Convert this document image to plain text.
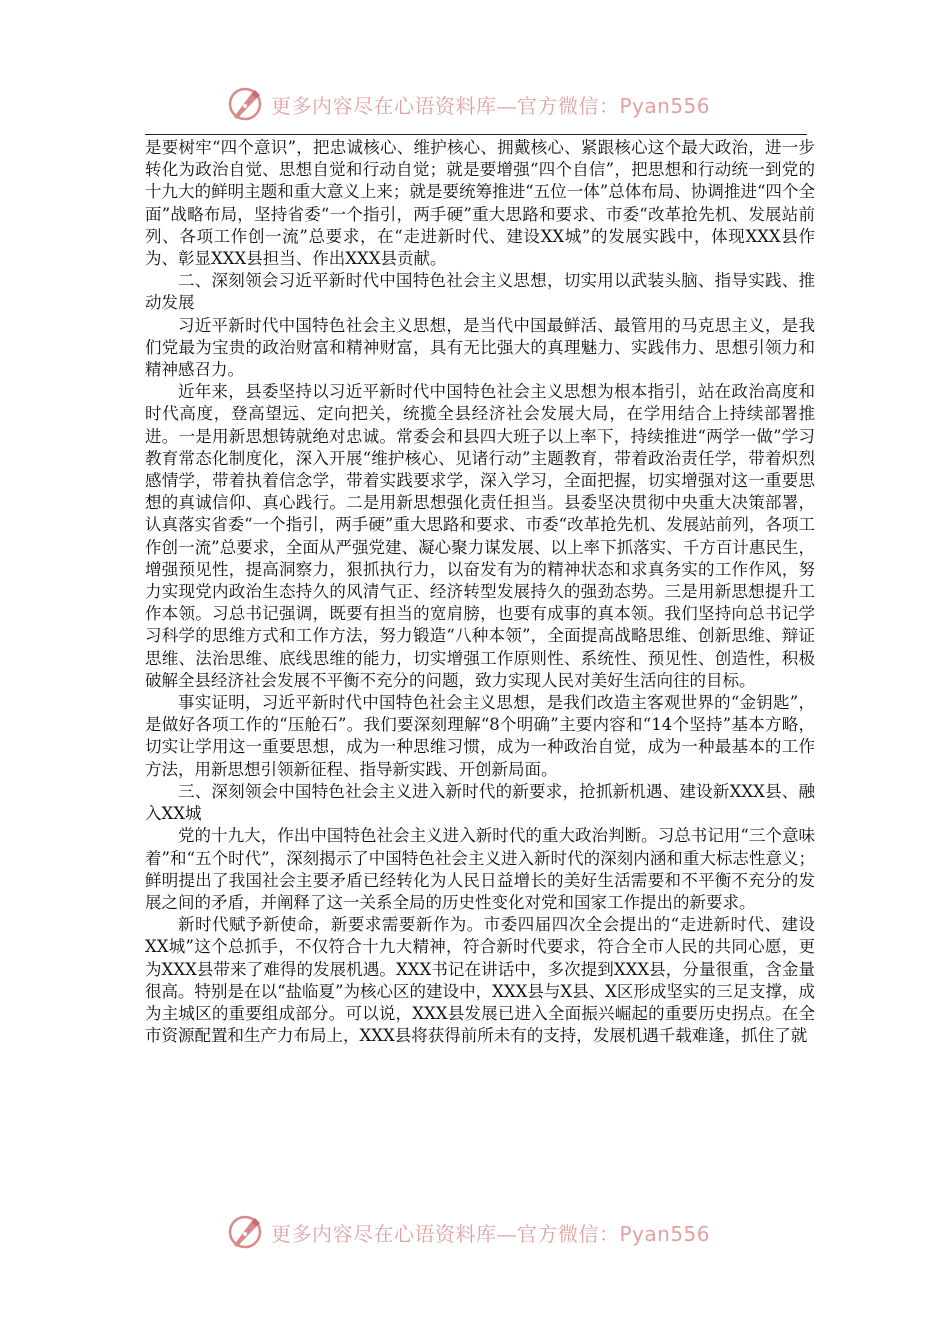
更多内容尽在心语资料库—官方微信：Pyan556

是要树牢“四个意识”，把忠诚核心、维护核心、拥戴核心、紧跟核心这个最大政治，进一步转化为政治自觉、思想自觉和行动自觉；就是要增强“四个自信”，把思想和行动统一到党的十九大的鲜明主题和重大意义上来；就是要统筹推进“五位一体”总体布局、协调推进“四个全面”战略布局，坚持省委“一个指引，两手硬”重大思路和要求、市委“改革抢先机、发展站前列、各项工作创一流”总要求，在“走进新时代、建设XX城”的发展实践中，体现XXX县作为、彰显XXX县担当、作出XXX县贡献。

二、深刻领会习近平新时代中国特色社会主义思想，切实用以武装头脑、指导实践、推动发展

习近平新时代中国特色社会主义思想，是当代中国最鲜活、最管用的马克思主义，是我们党最为宝贵的政治财富和精神财富，具有无比强大的真理魅力、实践伟力、思想引领力和精神感召力。

近年来，县委坚持以习近平新时代中国特色社会主义思想为根本指引，站在政治高度和时代高度，登高望远、定向把关，统揽全县经济社会发展大局，在学用结合上持续部署推进。一是用新思想铸就绝对忠诚。常委会和县四大班子以上率下，持续推进“两学一做”学习教育常态化制度化，深入开展“维护核心、见诸行动”主题教育，带着政治责任学，带着炽烈感情学，带着执着信念学，带着实践要求学，深入学习，全面把握，切实增强对这一重要思想的真诚信仰、真心践行。二是用新思想强化责任担当。县委坚决贯彻中央重大决策部署，认真落实省委“一个指引，两手硬”重大思路和要求、市委“改革抢先机、发展站前列，各项工作创一流”总要求，全面从严强党建、凝心聚力谋发展、以上率下抓落实、千方百计惠民生，增强预见性，提高洞察力，狠抓执行力，以奋发有为的精神状态和求真务实的工作作风，努力实现党内政治生态持久的风清气正、经济转型发展持久的强劲态势。三是用新思想提升工作本领。习总书记强调，既要有担当的宽肩膀，也要有成事的真本领。我们坚持向总书记学习科学的思维方式和工作方法，努力锻造“八种本领”，全面提高战略思维、创新思维、辩证思维、法治思维、底线思维的能力，切实增强工作原则性、系统性、预见性、创造性，积极破解全县经济社会发展不平衡不充分的问题，致力实现人民对美好生活向往的目标。

事实证明，习近平新时代中国特色社会主义思想，是我们改造主客观世界的“金钥匙”，是做好各项工作的“压舱石”。我们要深刻理解“8个明确”主要内容和“14个坚持”基本方略，切实让学用这一重要思想，成为一种思维习惯，成为一种政治自觉，成为一种最基本的工作方法，用新思想引领新征程、指导新实践、开创新局面。

三、深刻领会中国特色社会主义进入新时代的新要求，抢抓新机遇、建设新XXX县、融入XX城

党的十九大，作出中国特色社会主义进入新时代的重大政治判断。习总书记用“三个意味着”和“五个时代”，深刻揭示了中国特色社会主义进入新时代的深刻内涵和重大标志性意义；鲜明提出了我国社会主要矛盾已经转化为人民日益增长的美好生活需要和不平衡不充分的发展之间的矛盾，并阐释了这一关系全局的历史性变化对党和国家工作提出的新要求。

新时代赋予新使命，新要求需要新作为。市委四届四次全会提出的“走进新时代、建设XX城”这个总抓手，不仅符合十九大精神，符合新时代要求，符合全市人民的共同心愿，更为XXX县带来了难得的发展机遇。XXX书记在讲话中，多次提到XXX县，分量很重，含金量很高。特别是在以“盐临夏”为核心区的建设中，XXX县与X县、X区形成坚实的三足支撑，成为主城区的重要组成部分。可以说，XXX县发展已进入全面振兴崛起的重要历史拐点。在全市资源配置和生产力布局上，XXX县将获得前所未有的支持，发展机遇千载难逢，抓住了就

更多内容尽在心语资料库—官方微信：Pyan556
